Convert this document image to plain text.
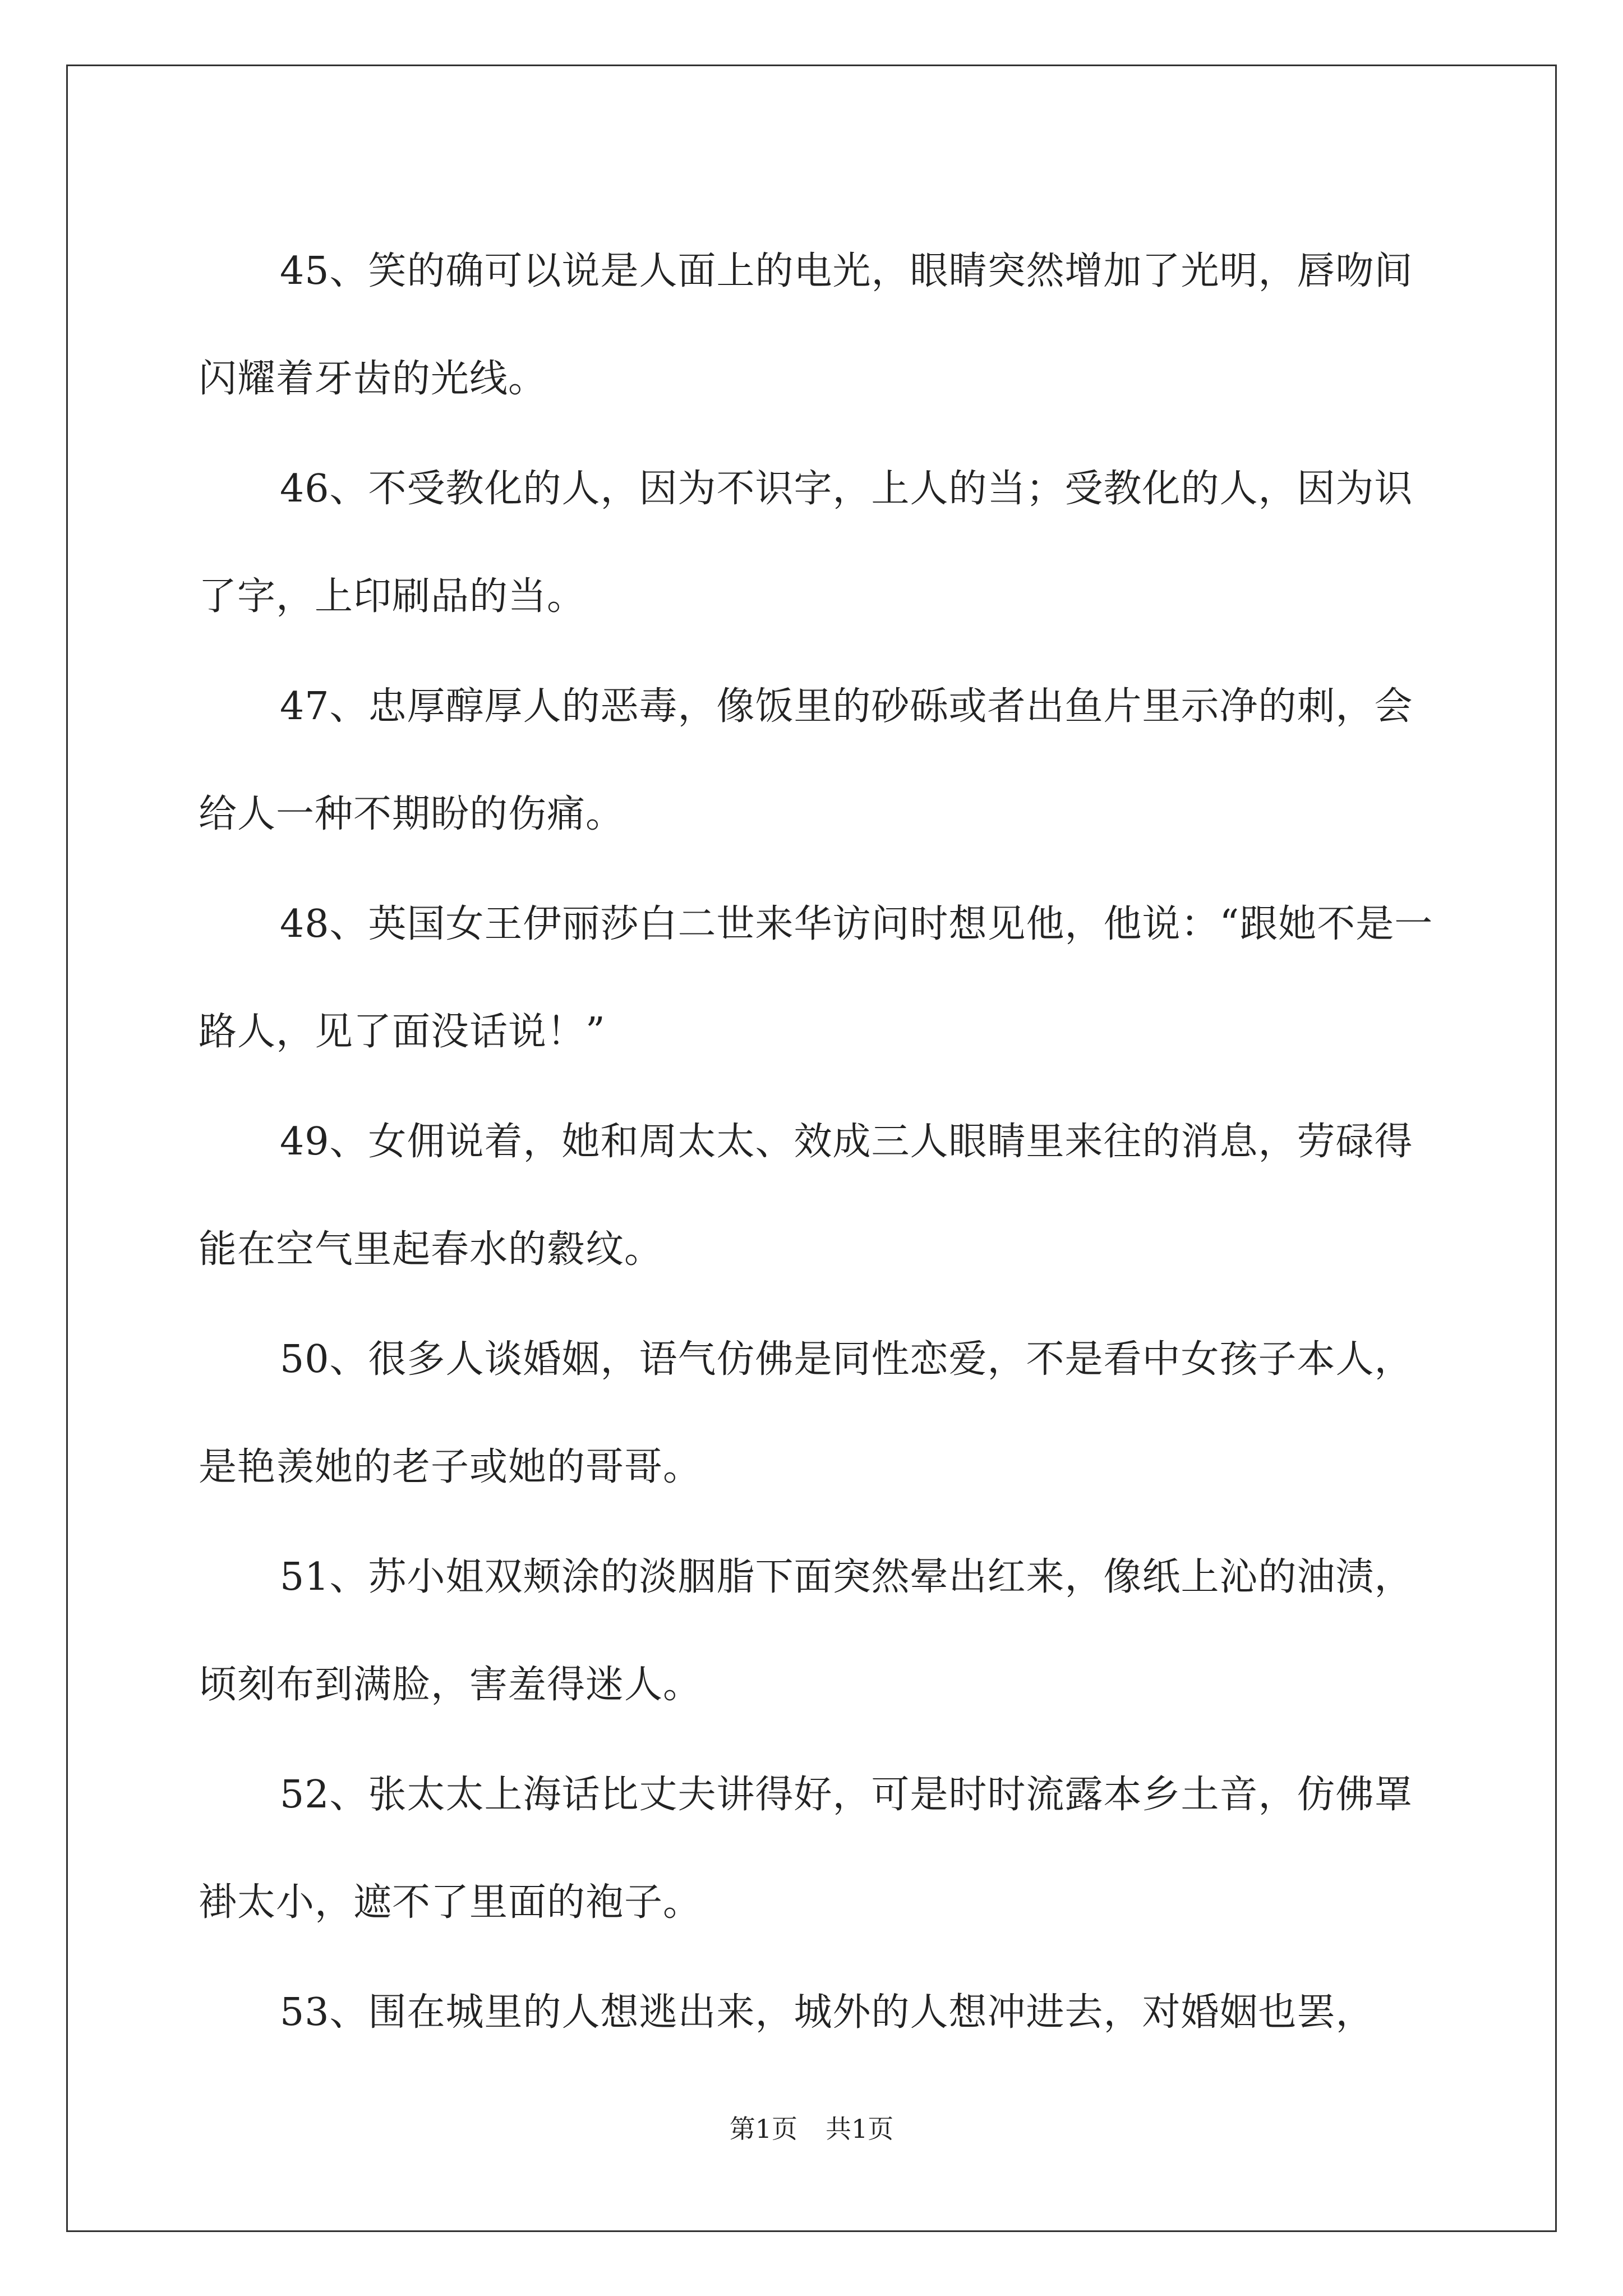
45、笑的确可以说是人面上的电光，眼睛突然增加了光明，唇吻间闪耀着牙齿的光线。

46、不受教化的人，因为不识字，上人的当；受教化的人，因为识了字，上印刷品的当。

47、忠厚醇厚人的恶毒，像饭里的砂砾或者出鱼片里示净的刺，会给人一种不期盼的伤痛。

48、英国女王伊丽莎白二世来华访问时想见他，他说：“跟她不是一路人，见了面没话说！”

49、女佣说着，她和周太太、效成三人眼睛里来往的消息，劳碌得能在空气里起春水的縠纹。

50、很多人谈婚姻，语气仿佛是同性恋爱，不是看中女孩子本人，是艳羡她的老子或她的哥哥。

51、苏小姐双颊涂的淡胭脂下面突然晕出红来，像纸上沁的油渍，顷刻布到满脸，害羞得迷人。

52、张太太上海话比丈夫讲得好，可是时时流露本乡土音，仿佛罩褂太小，遮不了里面的袍子。

53、围在城里的人想逃出来，城外的人想冲进去，对婚姻也罢，

第1页 共1页
